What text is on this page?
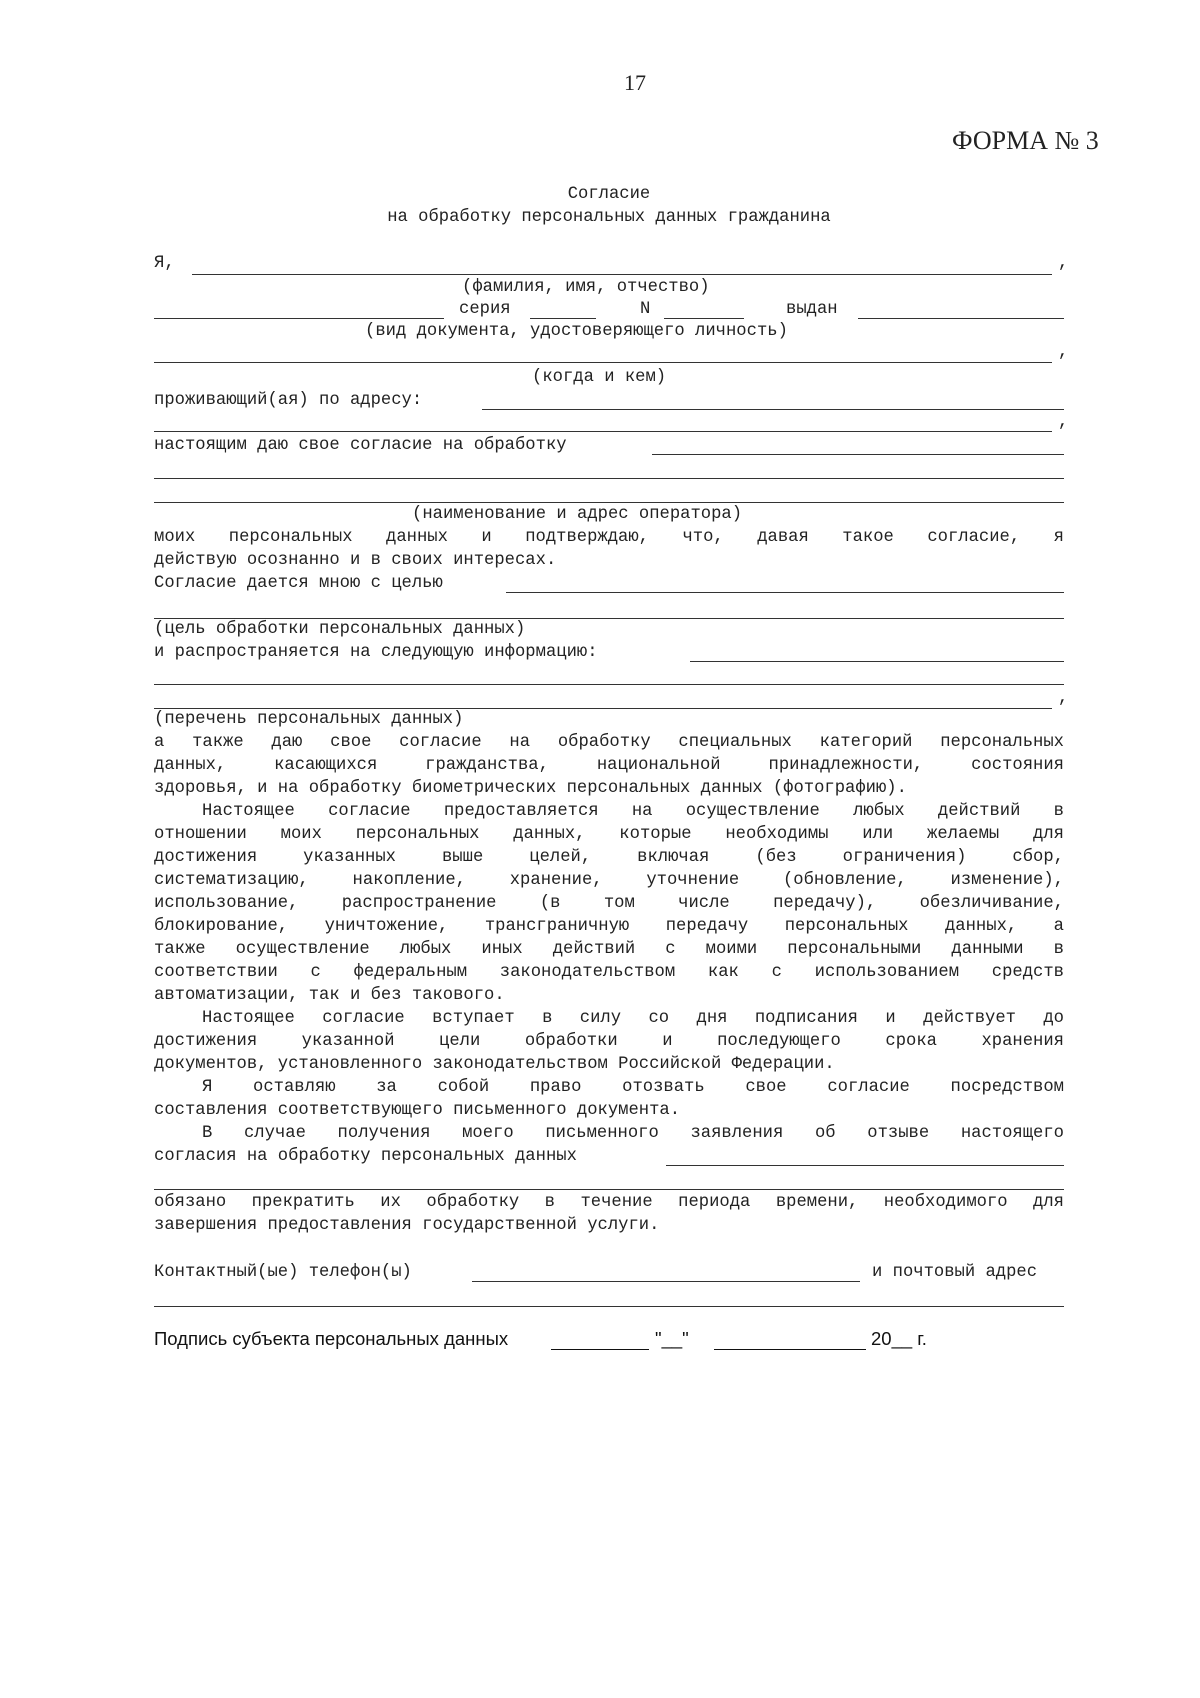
17
ФОРМА № 3
Согласие
на обработку персональных данных гражданина
Я,	,
(фамилия, имя, отчество)
серия	N	выдан
(вид документа, удостоверяющего личность)
,
(когда и кем)
проживающий(ая) по адресу:
,
настоящим даю свое согласие на обработку
(наименование и адрес оператора)
моих персональных данных и подтверждаю, что, давая такое согласие, я
действую осознанно и в своих интересах.
Согласие дается мною с целью
(цель обработки персональных данных)
и распространяется на следующую информацию:
,
(перечень персональных данных)
а также даю свое согласие на обработку специальных категорий персональных
данных, касающихся гражданства, национальной принадлежности, состояния
здоровья, и на обработку биометрических персональных данных (фотографию).
Настоящее согласие предоставляется на осуществление любых действий в
отношении моих персональных данных, которые необходимы или желаемы для
достижения указанных выше целей, включая (без ограничения) сбор,
систематизацию, накопление, хранение, уточнение (обновление, изменение),
использование, распространение (в том числе передачу), обезличивание,
блокирование, уничтожение, трансграничную передачу персональных данных, а
также осуществление любых иных действий с моими персональными данными в
соответствии с федеральным законодательством как с использованием средств
автоматизации, так и без такового.
Настоящее согласие вступает в силу со дня подписания и действует до
достижения указанной цели обработки и последующего срока хранения
документов, установленного законодательством Российской Федерации.
Я оставляю за собой право отозвать свое согласие посредством
составления соответствующего письменного документа.
В случае получения моего письменного заявления об отзыве настоящего
согласия на обработку персональных данных
обязано прекратить их обработку в течение периода времени, необходимого для
завершения предоставления государственной услуги.
Контактный(ые) телефон(ы)	и почтовый адрес
Подпись субъекта персональных данных	"__"	20__ г.
